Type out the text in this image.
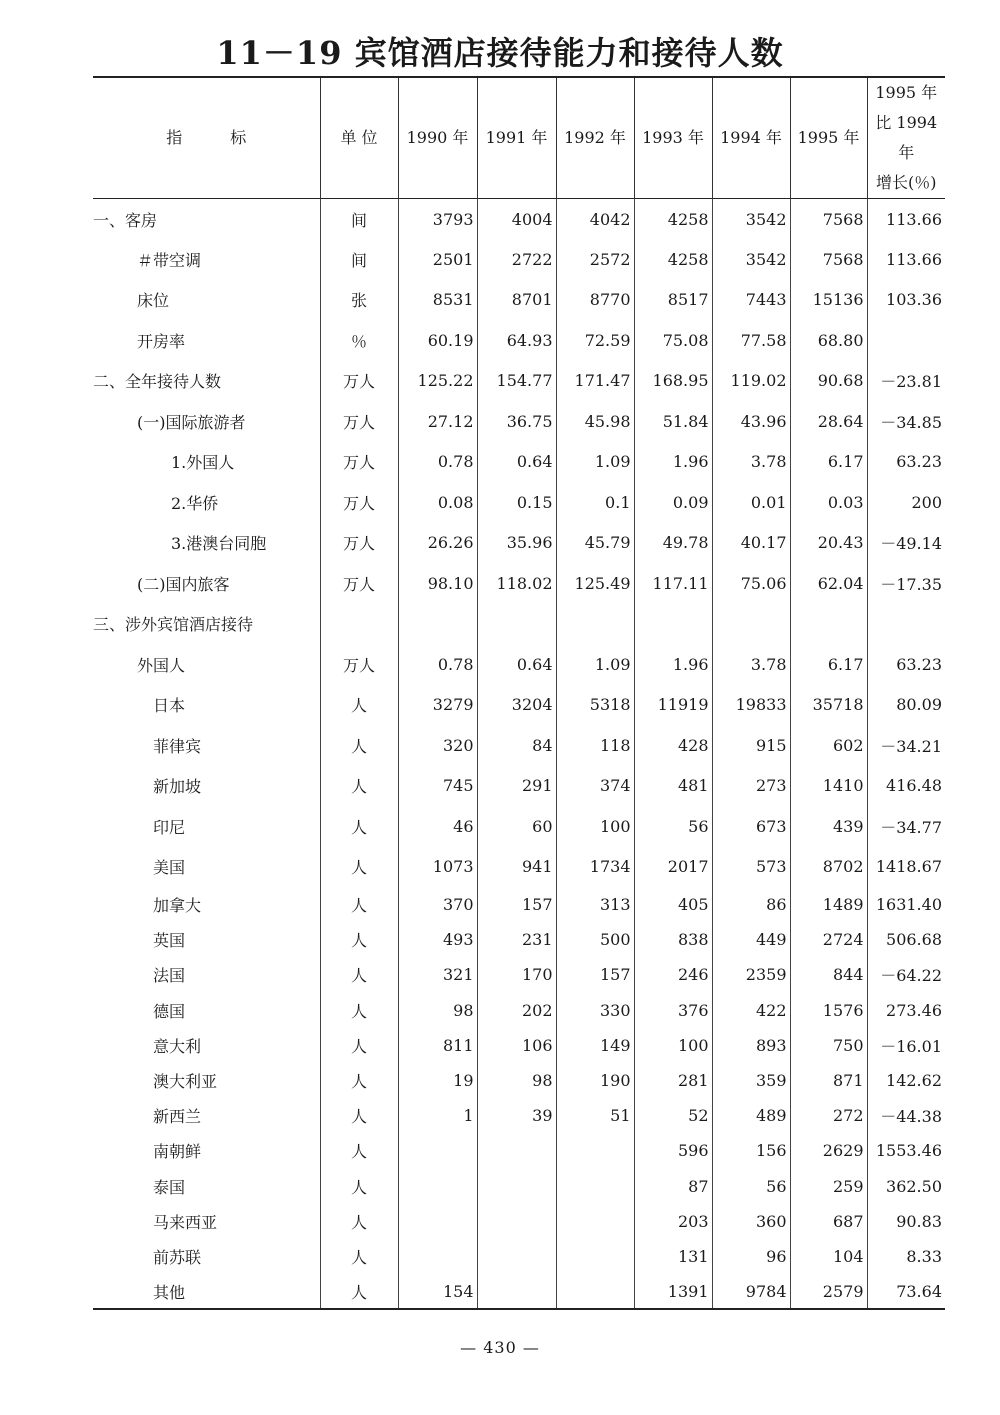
11－19 宾馆酒店接待能力和接待人数
指　　　标	单 位	1990 年	1991 年	1992 年	1993 年	1994 年	1995 年	1995 年
比 1994 年
增长(％)

一、客房	间	3793	4004	4042	4258	3542	7568	113.66
＃带空调	间	2501	2722	2572	4258	3542	7568	113.66
床位	张	8531	8701	8770	8517	7443	15136	103.36
开房率	％	60.19	64.93	72.59	75.08	77.58	68.80	
二、全年接待人数	万人	125.22	154.77	171.47	168.95	119.02	90.68	－23.81
(一)国际旅游者	万人	27.12	36.75	45.98	51.84	43.96	28.64	－34.85
1.外国人	万人	0.78	0.64	1.09	1.96	3.78	6.17	63.23
2.华侨	万人	0.08	0.15	0.1	0.09	0.01	0.03	200
3.港澳台同胞	万人	26.26	35.96	45.79	49.78	40.17	20.43	－49.14
(二)国内旅客	万人	98.10	118.02	125.49	117.11	75.06	62.04	－17.35
三、涉外宾馆酒店接待								
外国人	万人	0.78	0.64	1.09	1.96	3.78	6.17	63.23
日本	人	3279	3204	5318	11919	19833	35718	80.09
菲律宾	人	320	84	118	428	915	602	－34.21
新加坡	人	745	291	374	481	273	1410	416.48
印尼	人	46	60	100	56	673	439	－34.77
美国	人	1073	941	1734	2017	573	8702	1418.67
加拿大	人	370	157	313	405	86	1489	1631.40
英国	人	493	231	500	838	449	2724	506.68
法国	人	321	170	157	246	2359	844	－64.22
德国	人	98	202	330	376	422	1576	273.46
意大利	人	811	106	149	100	893	750	－16.01
澳大利亚	人	19	98	190	281	359	871	142.62
新西兰	人	1	39	51	52	489	272	－44.38
南朝鲜	人				596	156	2629	1553.46
泰国	人				87	56	259	362.50
马来西亚	人				203	360	687	90.83
前苏联	人				131	96	104	8.33
其他	人	154			1391	9784	2579	73.64
— 430 —
